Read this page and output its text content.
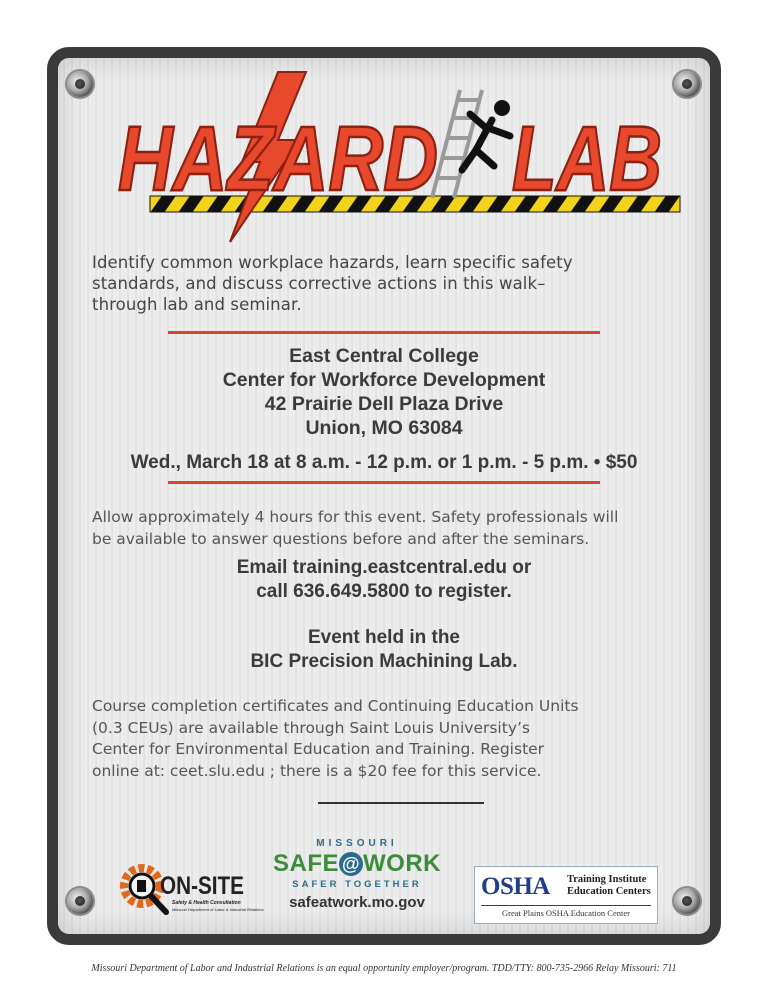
HAZARD LAB
Identify common workplace hazards, learn specific safety
standards, and discuss corrective actions in this walk–
through lab and seminar.
East Central College
Center for Workforce Development
42 Prairie Dell Plaza Drive
Union, MO 63084
Wed., March 18 at 8 a.m. - 12 p.m. or 1 p.m. - 5 p.m. • $50
Allow approximately 4 hours for this event. Safety professionals will
be available to answer questions before and after the seminars.
Email training.eastcentral.edu or
call 636.649.5800 to register.
Event held in the
BIC Precision Machining Lab.
Course completion certificates and Continuing Education Units
(0.3 CEUs) are available through Saint Louis University’s
Center for Environmental Education and Training. Register
online at: ceet.slu.edu ; there is a $20 fee for this service.
ON-SITE
Safety & Health Consultation
Missouri Department of Labor & Industrial Relations
MISSOURI
SAFE @ WORK
SAFER TOGETHER
safeatwork.mo.gov
OSHA Training Institute
Education Centers
Great Plains OSHA Education Center
Missouri Department of Labor and Industrial Relations is an equal opportunity employer/program. TDD/TTY: 800-735-2966 Relay Missouri: 711
